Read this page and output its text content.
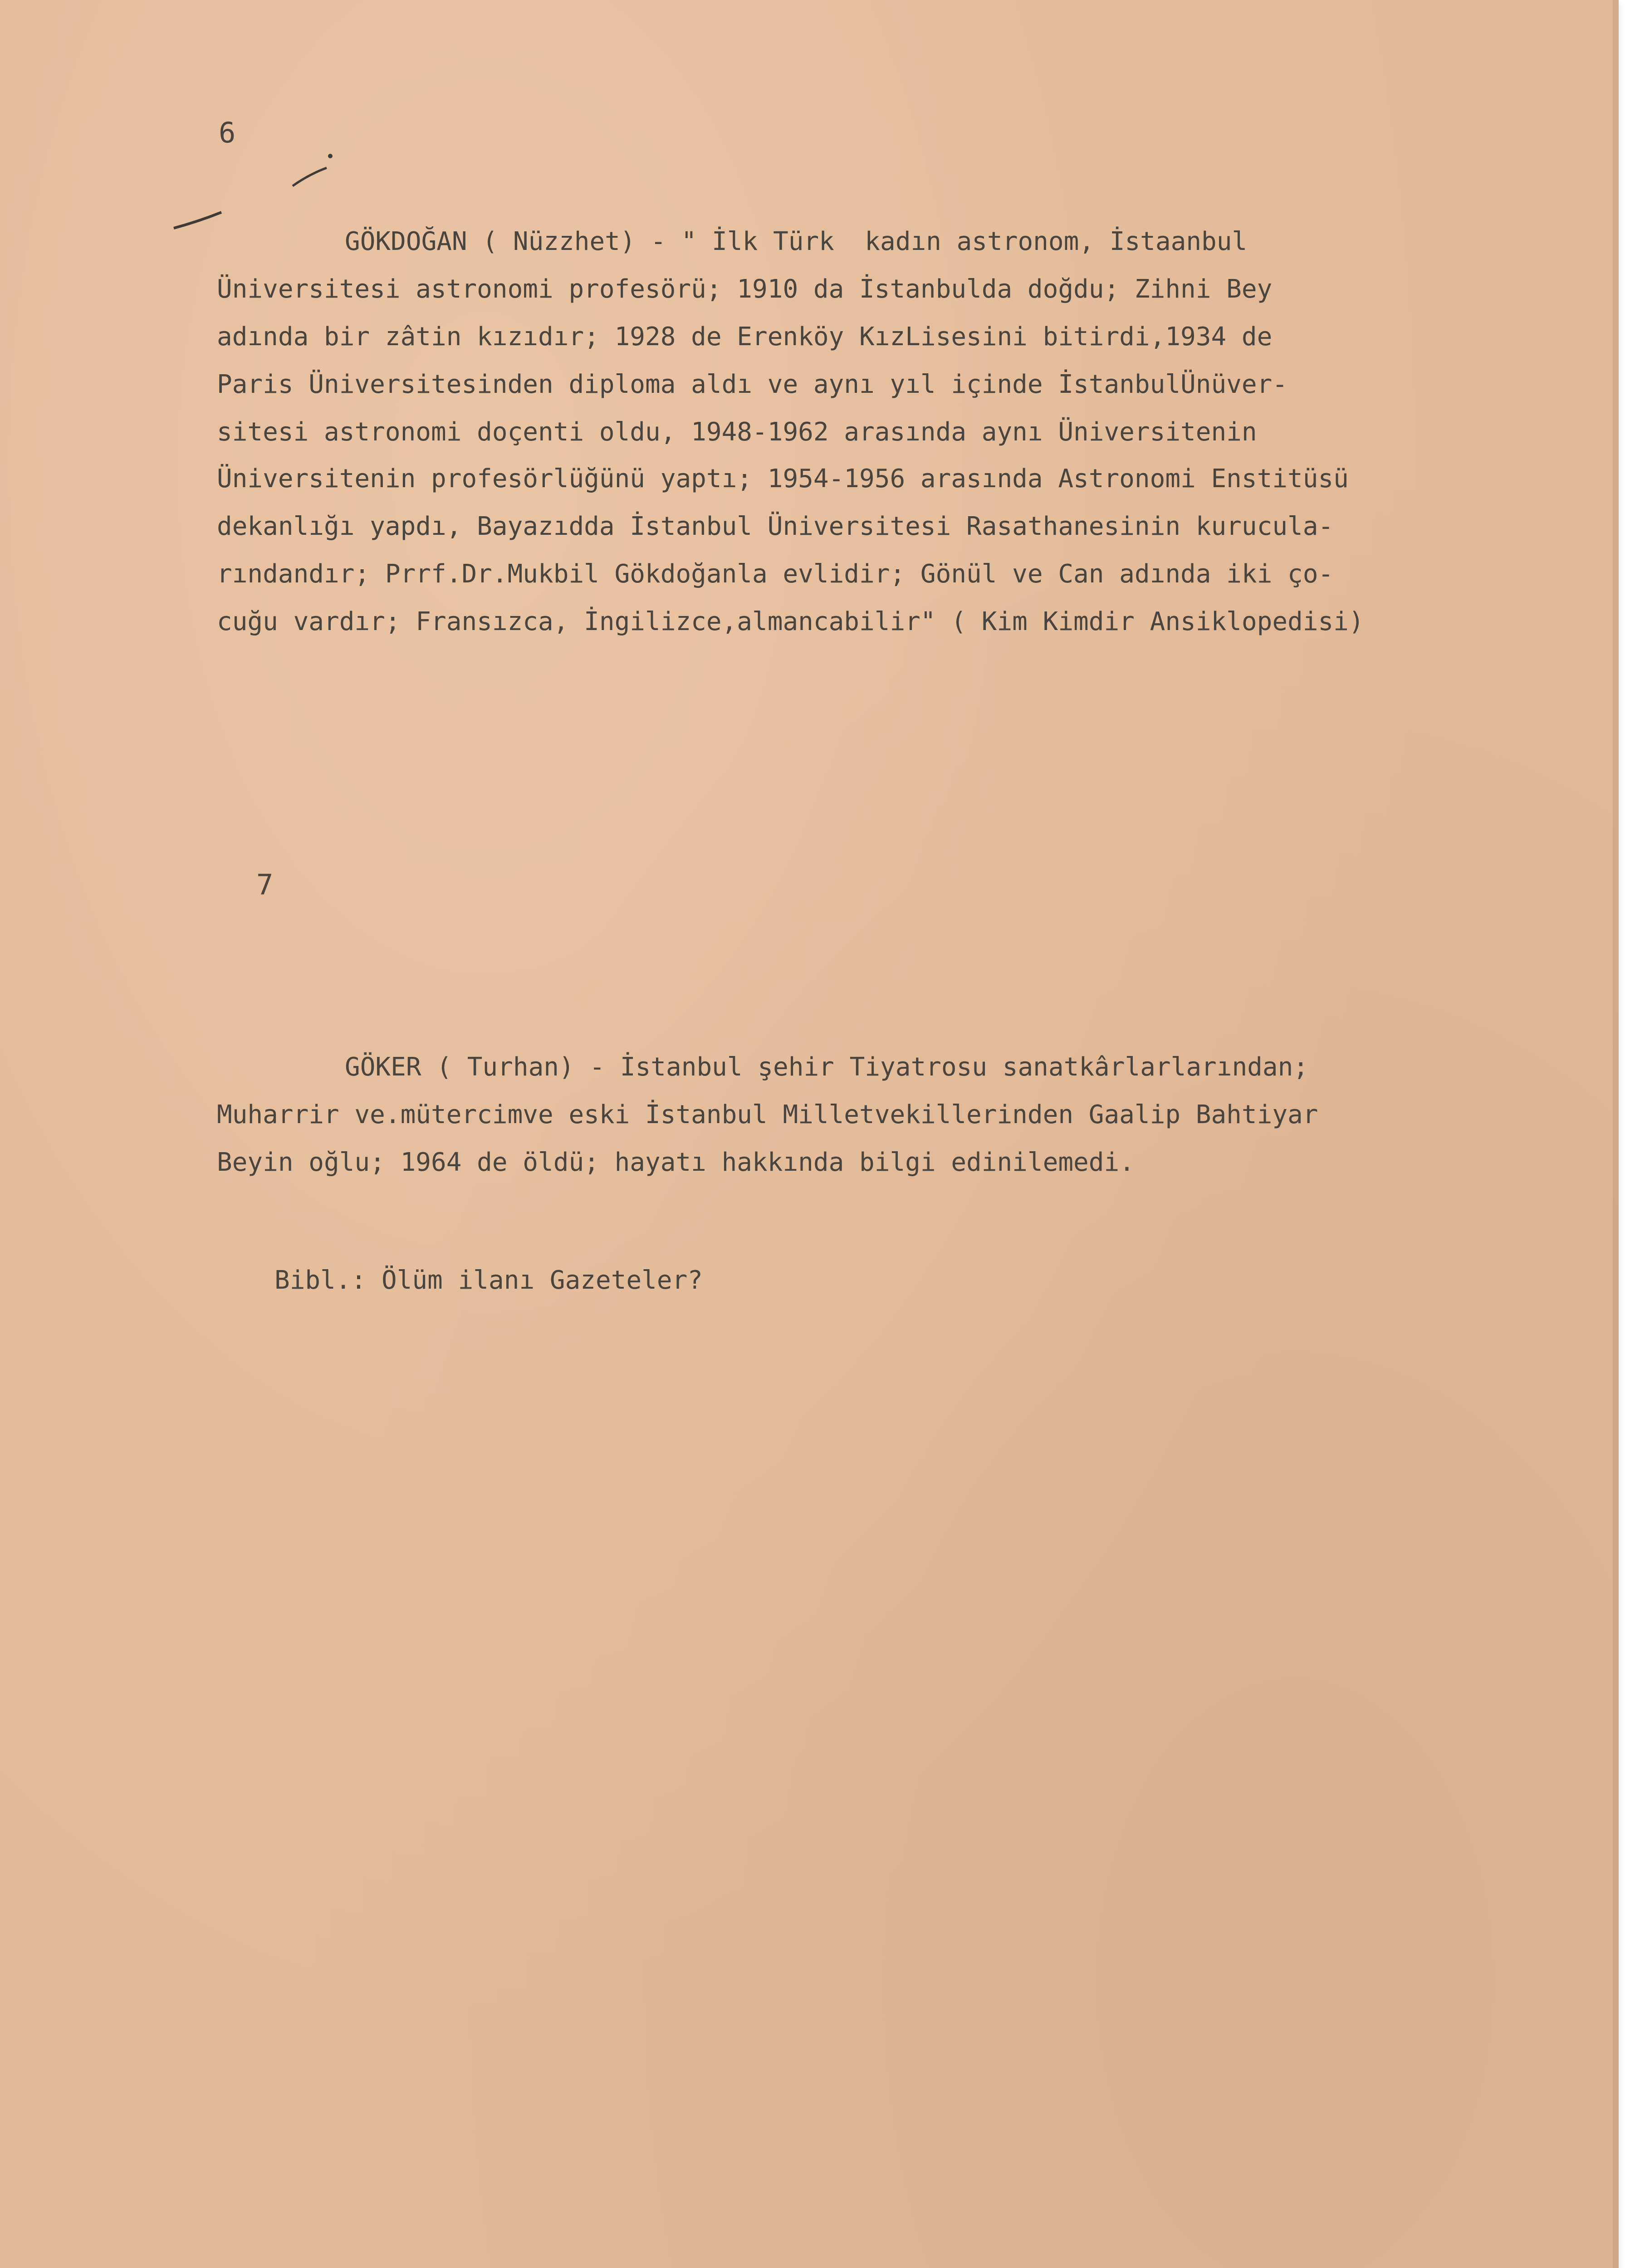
6
GÖKDOĞAN ( Nüzzhet) - " İlk Türk  kadın astronom, İstaanbul
Üniversitesi astronomi profesörü; 1910 da İstanbulda doğdu; Zihni Bey
adında bir zâtin kızıdır; 1928 de Erenköy KızLisesini bitirdi,1934 de
Paris Üniversitesinden diploma aldı ve aynı yıl içinde İstanbulÜnüver-
sitesi astronomi doçenti oldu, 1948-1962 arasında aynı Üniversitenin
Üniversitenin profesörlüğünü yaptı; 1954-1956 arasında Astronomi Enstitüsü
dekanlığı yapdı, Bayazıdda İstanbul Üniversitesi Rasathanesinin kurucula-
rındandır; Prrf.Dr.Mukbil Gökdoğanla evlidir; Gönül ve Can adında iki ço-
cuğu vardır; Fransızca, İngilizce,almancabilir" ( Kim Kimdir Ansiklopedisi)
7
GÖKER ( Turhan) - İstanbul şehir Tiyatrosu sanatkârlarlarından;
Muharrir ve.mütercimve eski İstanbul Milletvekillerinden Gaalip Bahtiyar
Beyin oğlu; 1964 de öldü; hayatı hakkında bilgi edinilemedi.
Bibl.: Ölüm ilanı Gazeteler?
